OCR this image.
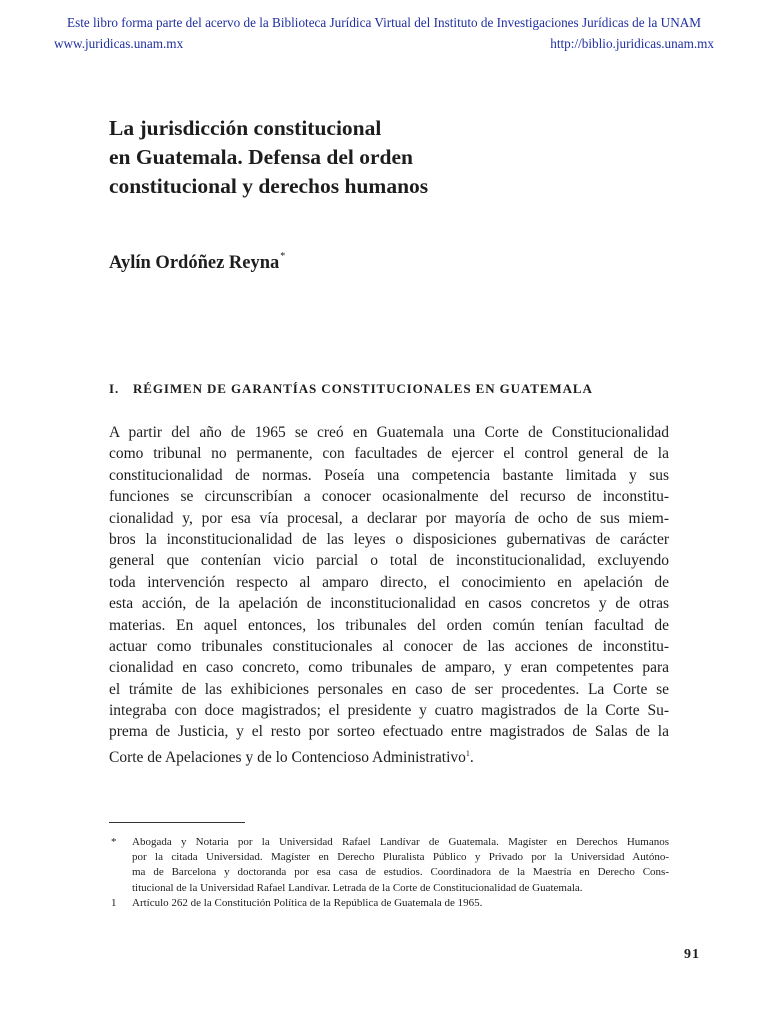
Este libro forma parte del acervo de la Biblioteca Jurídica Virtual del Instituto de Investigaciones Jurídicas de la UNAM
www.juridicas.unam.mx	http://biblio.juridicas.unam.mx
La jurisdicción constitucional
en Guatemala. Defensa del orden
constitucional y derechos humanos
Aylín Ordóñez Reyna*
I. RÉGIMEN DE GARANTÍAS CONSTITUCIONALES EN GUATEMALA
A partir del año de 1965 se creó en Guatemala una Corte de Constitucionalidad
como tribunal no permanente, con facultades de ejercer el control general de la
constitucionalidad de normas. Poseía una competencia bastante limitada y sus
funciones se circunscribían a conocer ocasionalmente del recurso de inconstitu-
cionalidad y, por esa vía procesal, a declarar por mayoría de ocho de sus miem-
bros la inconstitucionalidad de las leyes o disposiciones gubernativas de carácter
general que contenían vicio parcial o total de inconstitucionalidad, excluyendo
toda intervención respecto al amparo directo, el conocimiento en apelación de
esta acción, de la apelación de inconstitucionalidad en casos concretos y de otras
materias. En aquel entonces, los tribunales del orden común tenían facultad de
actuar como tribunales constitucionales al conocer de las acciones de inconstitu-
cionalidad en caso concreto, como tribunales de amparo, y eran competentes para
el trámite de las exhibiciones personales en caso de ser procedentes. La Corte se
integraba con doce magistrados; el presidente y cuatro magistrados de la Corte Su-
prema de Justicia, y el resto por sorteo efectuado entre magistrados de Salas de la
Corte de Apelaciones y de lo Contencioso Administrativo$^1$.
* Abogada y Notaria por la Universidad Rafael Landívar de Guatemala. Magíster en Derechos Humanos
por la citada Universidad. Magíster en Derecho Pluralista Público y Privado por la Universidad Autóno-
ma de Barcelona y doctoranda por esa casa de estudios. Coordinadora de la Maestría en Derecho Cons-
titucional de la Universidad Rafael Landívar. Letrada de la Corte de Constitucionalidad de Guatemala.
1 Artículo 262 de la Constitución Política de la República de Guatemala de 1965.
91
